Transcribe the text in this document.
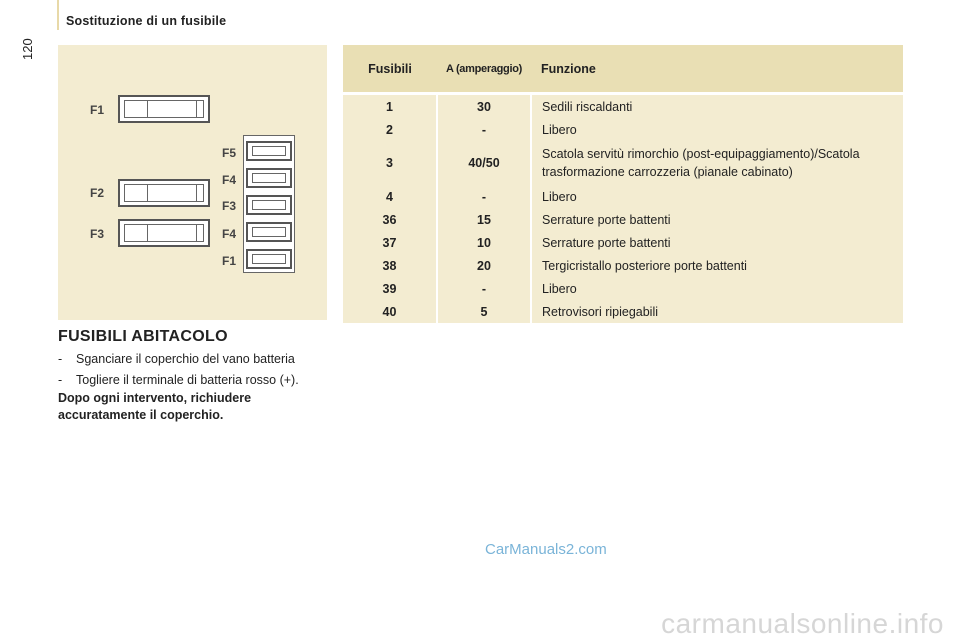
Sostituzione di un fusibile
120
F1
F2
F3
F5
F4
F3
F4
F1
FUSIBILI ABITACOLO
- Sganciare il coperchio del vano batteria
- Togliere il terminale di batteria rosso (+).
Dopo ogni intervento, richiudere accuratamente il coperchio.
Fusibili	A (amperaggio)	Funzione

1	30	Sedili riscaldanti
2	-	Libero
3	40/50	Scatola servitù rimorchio (post-equipaggiamento)/Scatola trasformazione carrozzeria (pianale cabinato)
4	-	Libero
36	15	Serrature porte battenti
37	10	Serrature porte battenti
38	20	Tergicristallo posteriore porte battenti
39	-	Libero
40	5	Retrovisori ripiegabili
CarManuals2.com
carmanualsonline.info
